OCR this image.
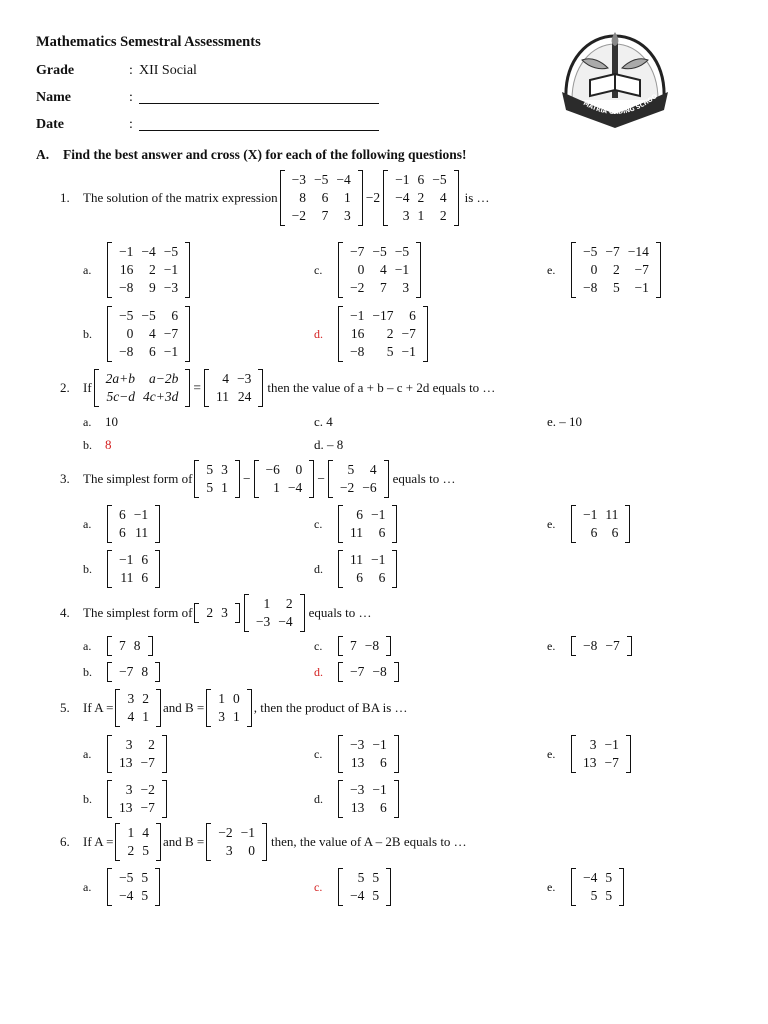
Mathematics Semestral Assessments
Grade	: XII Social
Name	:
Date	:
MATRIA GADING SCHOO
A. Find the best answer and cross (X) for each of the following questions!
1.	The solution of the matrix expression
−3 −5 −4
8	6	1
−2	7	3
−2
−1 6 −5
−4 2	4
3 1	2
is …
a.
−1 −4 −5
16	2 −1
−8	9 −3
b.
−5 −5	6
0	4 −7
−8	6 −1
c.
−7 −5 −5
0	4 −1
−2	7	3
d.
−1 −17	6
16	2 −7
−8	5 −1
e.
−5 −7 −14
0	2	−7
−8	5	−1
2.	If
2a+b	a−2b
5c−d 4c+3d
=
4 −3
11 24
then the value of a + b – c + 2d equals to …
a.	10
b.	8
c.
4
d.
– 8
e.
– 10
3.	The simplest form of
5 3
5 1
−
−6	0
1 −4
−
5	4
−2 −6
equals to …
a.
6 −1
6 11
b.
−1 6
11 6
c.
6 −1
11	6
d.
11 −1
6	6
e.
−1 11
6	6
4.	The simplest form of 2 3
1	2
−3 −4
equals to …
a.	7 8
b.	−7 8
c.	7 −8
d.	−7 −8
e.	−8 −7
5.	If A =
3 2
4 1
and B =
1 0
3 1
, then the product of BA is …
a.
3	2
13 −7
b.
3 −2
13 −7
c.
−3 −1
13	6
d.
−3 −1
13	6
e.
3 −1
13 −7
6.	If A =
1 4
2 5
and B =
−2 −1
3	0
then, the value of A – 2B equals to …
a.
−5 5
−4 5
c.
5 5
−4 5
e.
−4 5
5 5
